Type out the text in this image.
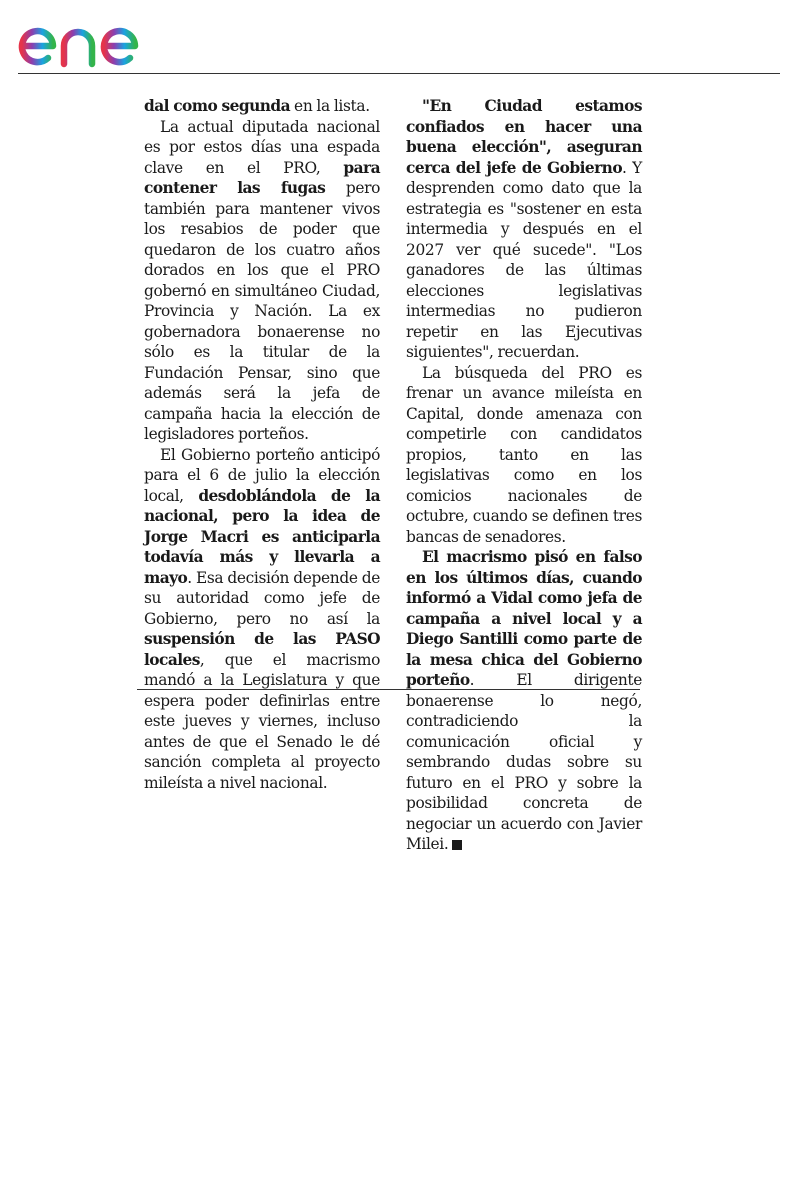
dal como segunda en la lista.

La actual diputada nacional es por estos días una espada clave en el PRO, para contener las fugas pero también para mantener vivos los resabios de poder que quedaron de los cuatro años dorados en los que el PRO gobernó en simultáneo Ciudad, Provincia y Nación. La ex gobernadora bonaerense no sólo es la titular de la Fundación Pensar, sino que además será la jefa de campaña hacia la elección de legisladores porteños.

El Gobierno porteño anticipó para el 6 de julio la elección local, desdoblándola de la nacional, pero la idea de Jorge Macri es anticiparla todavía más y llevarla a mayo. Esa decisión depende de su autoridad como jefe de Gobierno, pero no así la suspensión de las PASO locales, que el macrismo mandó a la Legislatura y que espera poder definirlas entre este jueves y viernes, incluso antes de que el Senado le dé sanción completa al proyecto mileísta a nivel nacional.

"En Ciudad estamos confiados en hacer una buena elección", aseguran cerca del jefe de Gobierno. Y desprenden como dato que la estrategia es "sostener en esta intermedia y después en el 2027 ver qué sucede". "Los ganadores de las últimas elecciones legislativas intermedias no pudieron repetir en las Ejecutivas siguientes", recuerdan.

La búsqueda del PRO es frenar un avance mileísta en Capital, donde amenaza con competirle con candidatos propios, tanto en las legislativas como en los comicios nacionales de octubre, cuando se definen tres bancas de senadores.

El macrismo pisó en falso en los últimos días, cuando informó a Vidal como jefa de campaña a nivel local y a Diego Santilli como parte de la mesa chica del Gobierno porteño. El dirigente bonaerense lo negó, contradiciendo la comunicación oficial y sembrando dudas sobre su futuro en el PRO y sobre la posibilidad concreta de negociar un acuerdo con Javier Milei.
